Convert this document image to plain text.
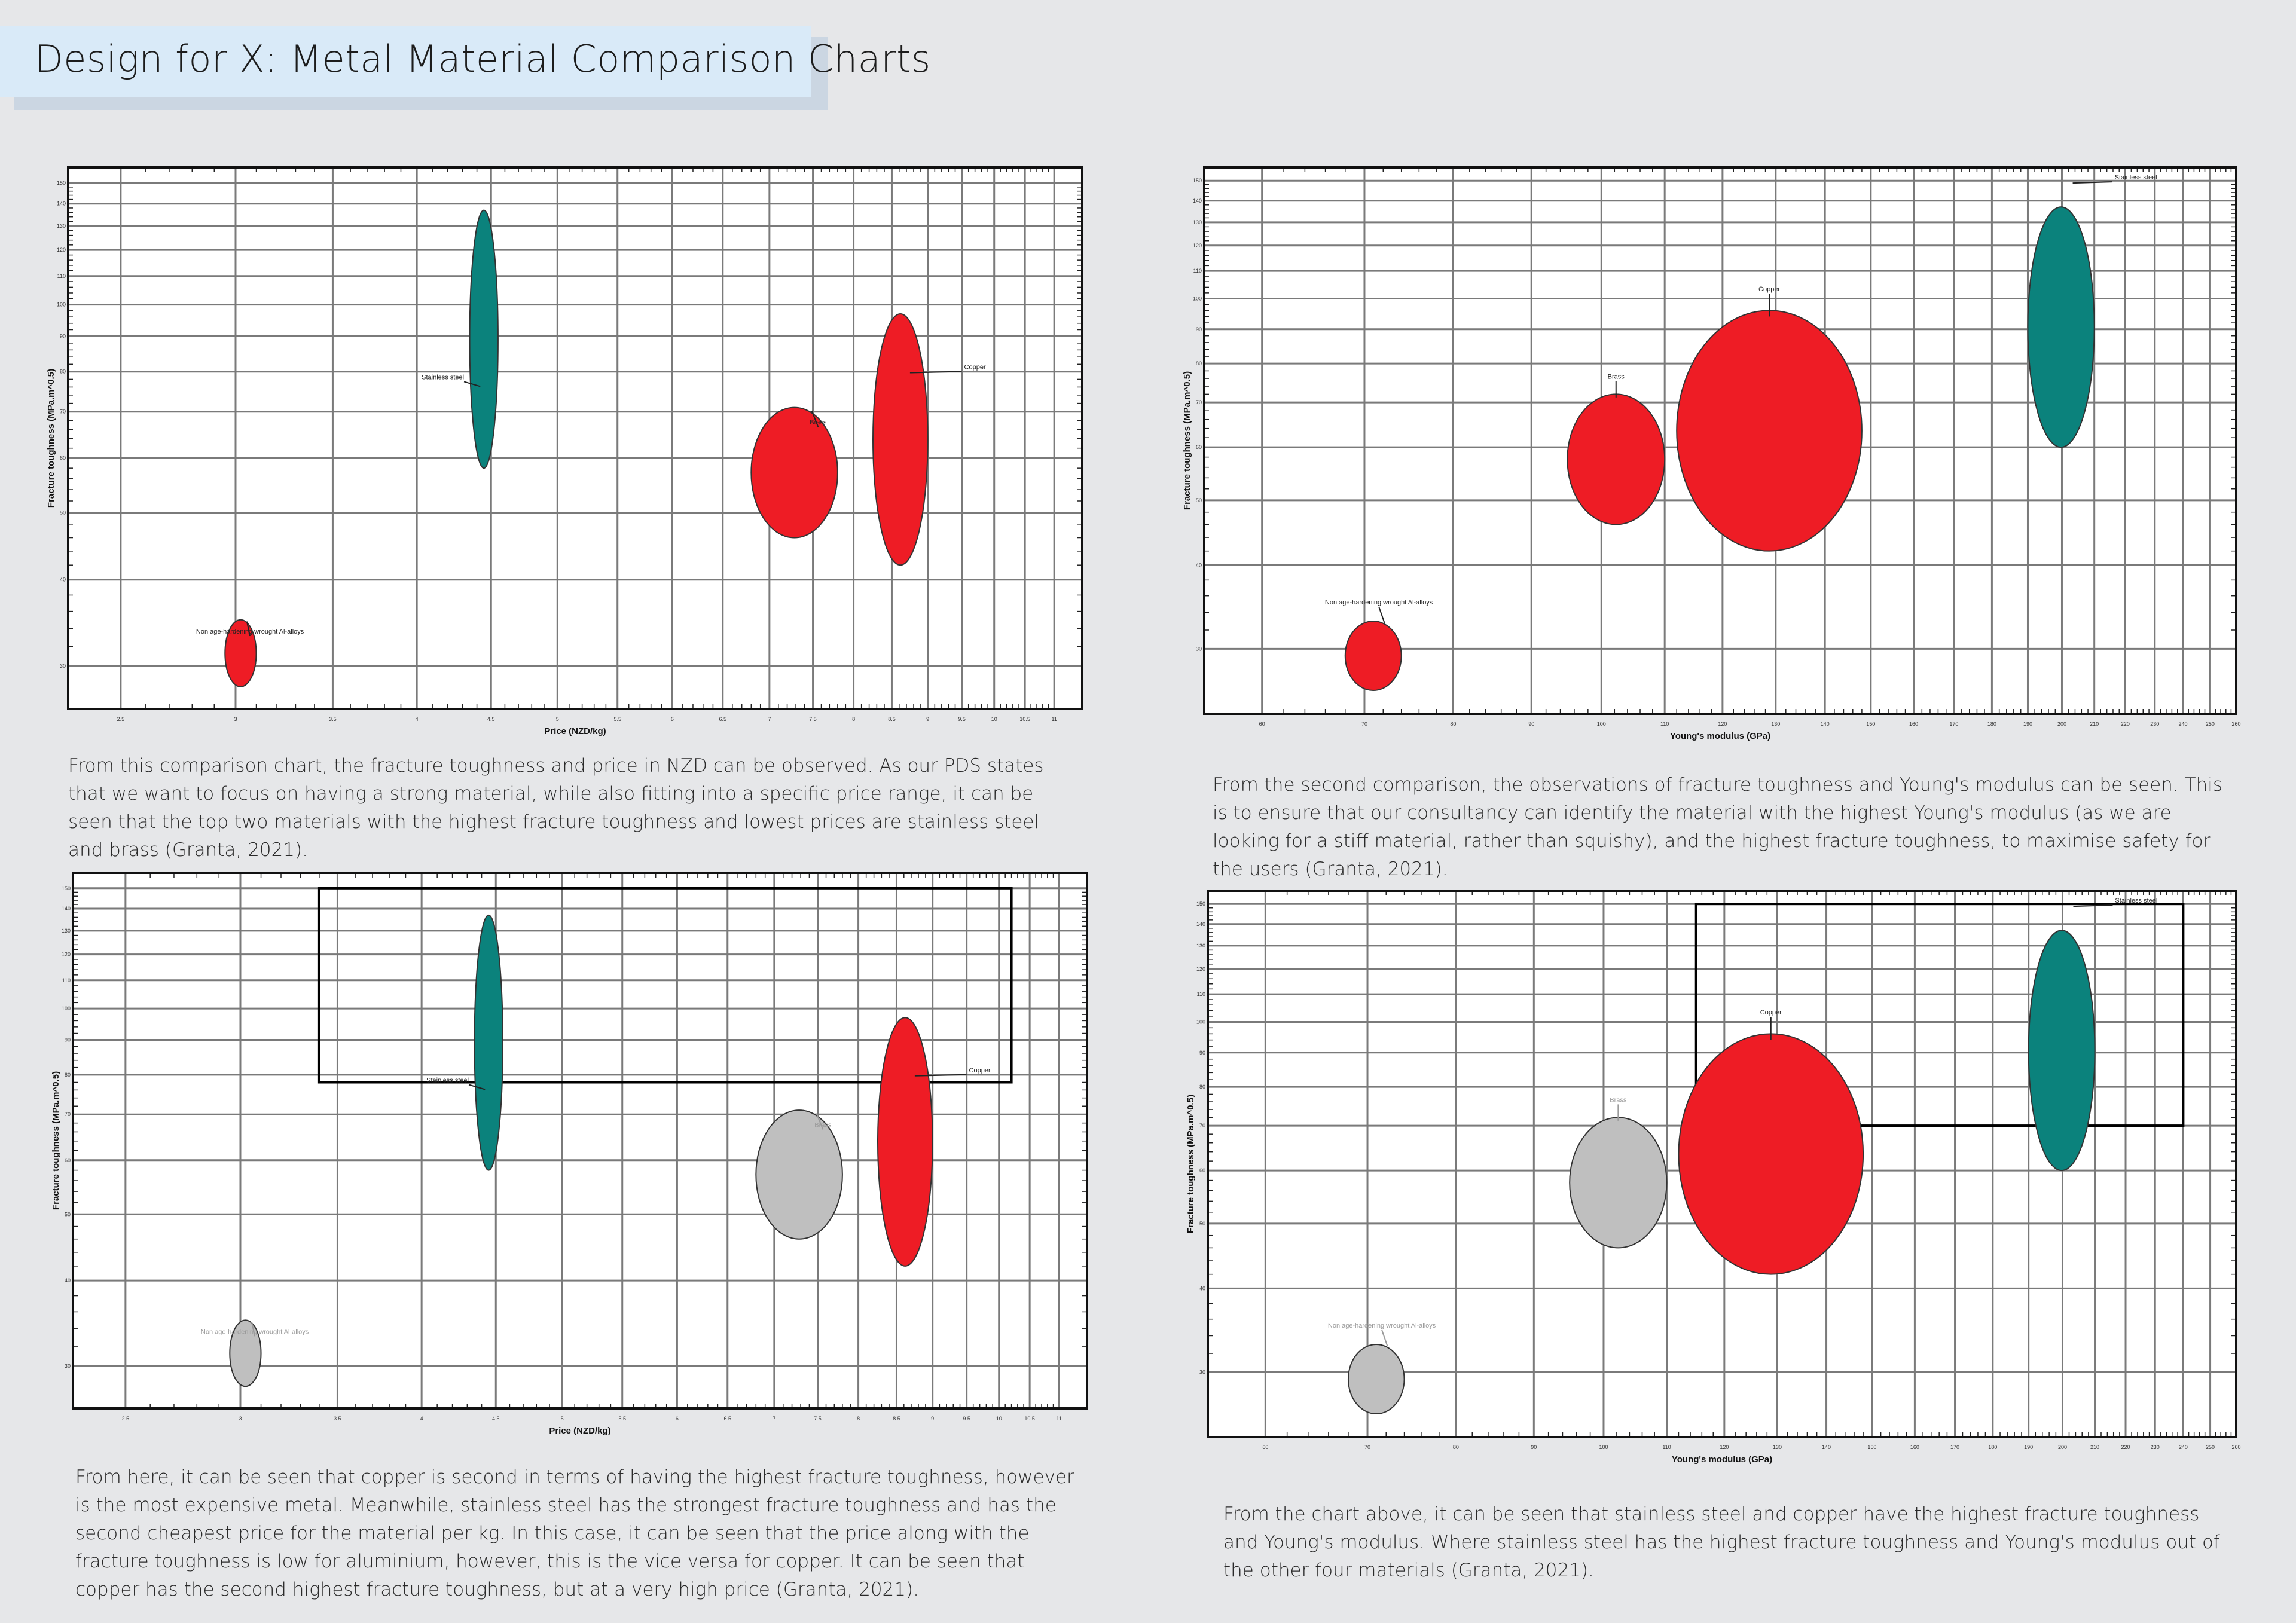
Design for X: Metal Material Comparison Charts
2.5	3	3.5	4	4.5	5	5.5	6	6.5	7	7.5	8	8.5	9	9.5	10	10.5	11
30
40
50
60
70
80
90
100
110
120
130
140
150
Price (NZD/kg)
Fracture toughness (MPa.m^0.5)
Non age-hardening wrought Al-alloys
Stainless steel
Brass
Copper
60	70	80	90	100	110	120	130	140	150	160	170	180	190	200	210	220	230	240	250	260
30
40
50
60
70
80
90
100
110
120
130
140
150
Young's modulus (GPa)
Fracture toughness (MPa.m^0.5)
Non age-hardening wrought Al-alloys
Stainless steel
Brass
Copper
2.5	3	3.5	4	4.5	5	5.5	6	6.5	7	7.5	8	8.5	9	9.5	10	10.5	11
30
40
50
60
70
80
90
100
110
120
130
140
150
Price (NZD/kg)
Fracture toughness (MPa.m^0.5)
Non age-hardening wrought Al-alloys
Stainless steel
Brass
Copper
60	70	80	90	100	110	120	130	140	150	160	170	180	190	200	210	220	230	240	250	260
30
40
50
60
70
80
90
100
110
120
130
140
150
Young's modulus (GPa)
Fracture toughness (MPa.m^0.5)
Non age-hardening wrought Al-alloys
Stainless steel
Brass
Copper
From this comparison chart, the fracture toughness and price in NZD can be observed. As our PDS states that we want to focus on having a strong material, while also fitting into a specific price range, it can be seen that the top two materials with the highest fracture toughness and lowest prices are stainless steel and brass (Granta, 2021).
From the second comparison, the observations of fracture toughness and Young's modulus can be seen. This is to ensure that our consultancy can identify the material with the highest Young's modulus (as we are looking for a stiff material, rather than squishy), and the highest fracture toughness, to maximise safety for the users (Granta, 2021).
From here, it can be seen that copper is second in terms of having the highest fracture toughness, however is the most expensive metal. Meanwhile, stainless steel has the strongest fracture toughness and has the second cheapest price for the material per kg. In this case, it can be seen that the price along with the fracture toughness is low for aluminium, however, this is the vice versa for copper. It can be seen that copper has the second highest fracture toughness, but at a very high price (Granta, 2021).
From the chart above, it can be seen that stainless steel and copper have the highest fracture toughness and Young's modulus. Where stainless steel has the highest fracture toughness and Young's modulus out of the other four materials (Granta, 2021).
